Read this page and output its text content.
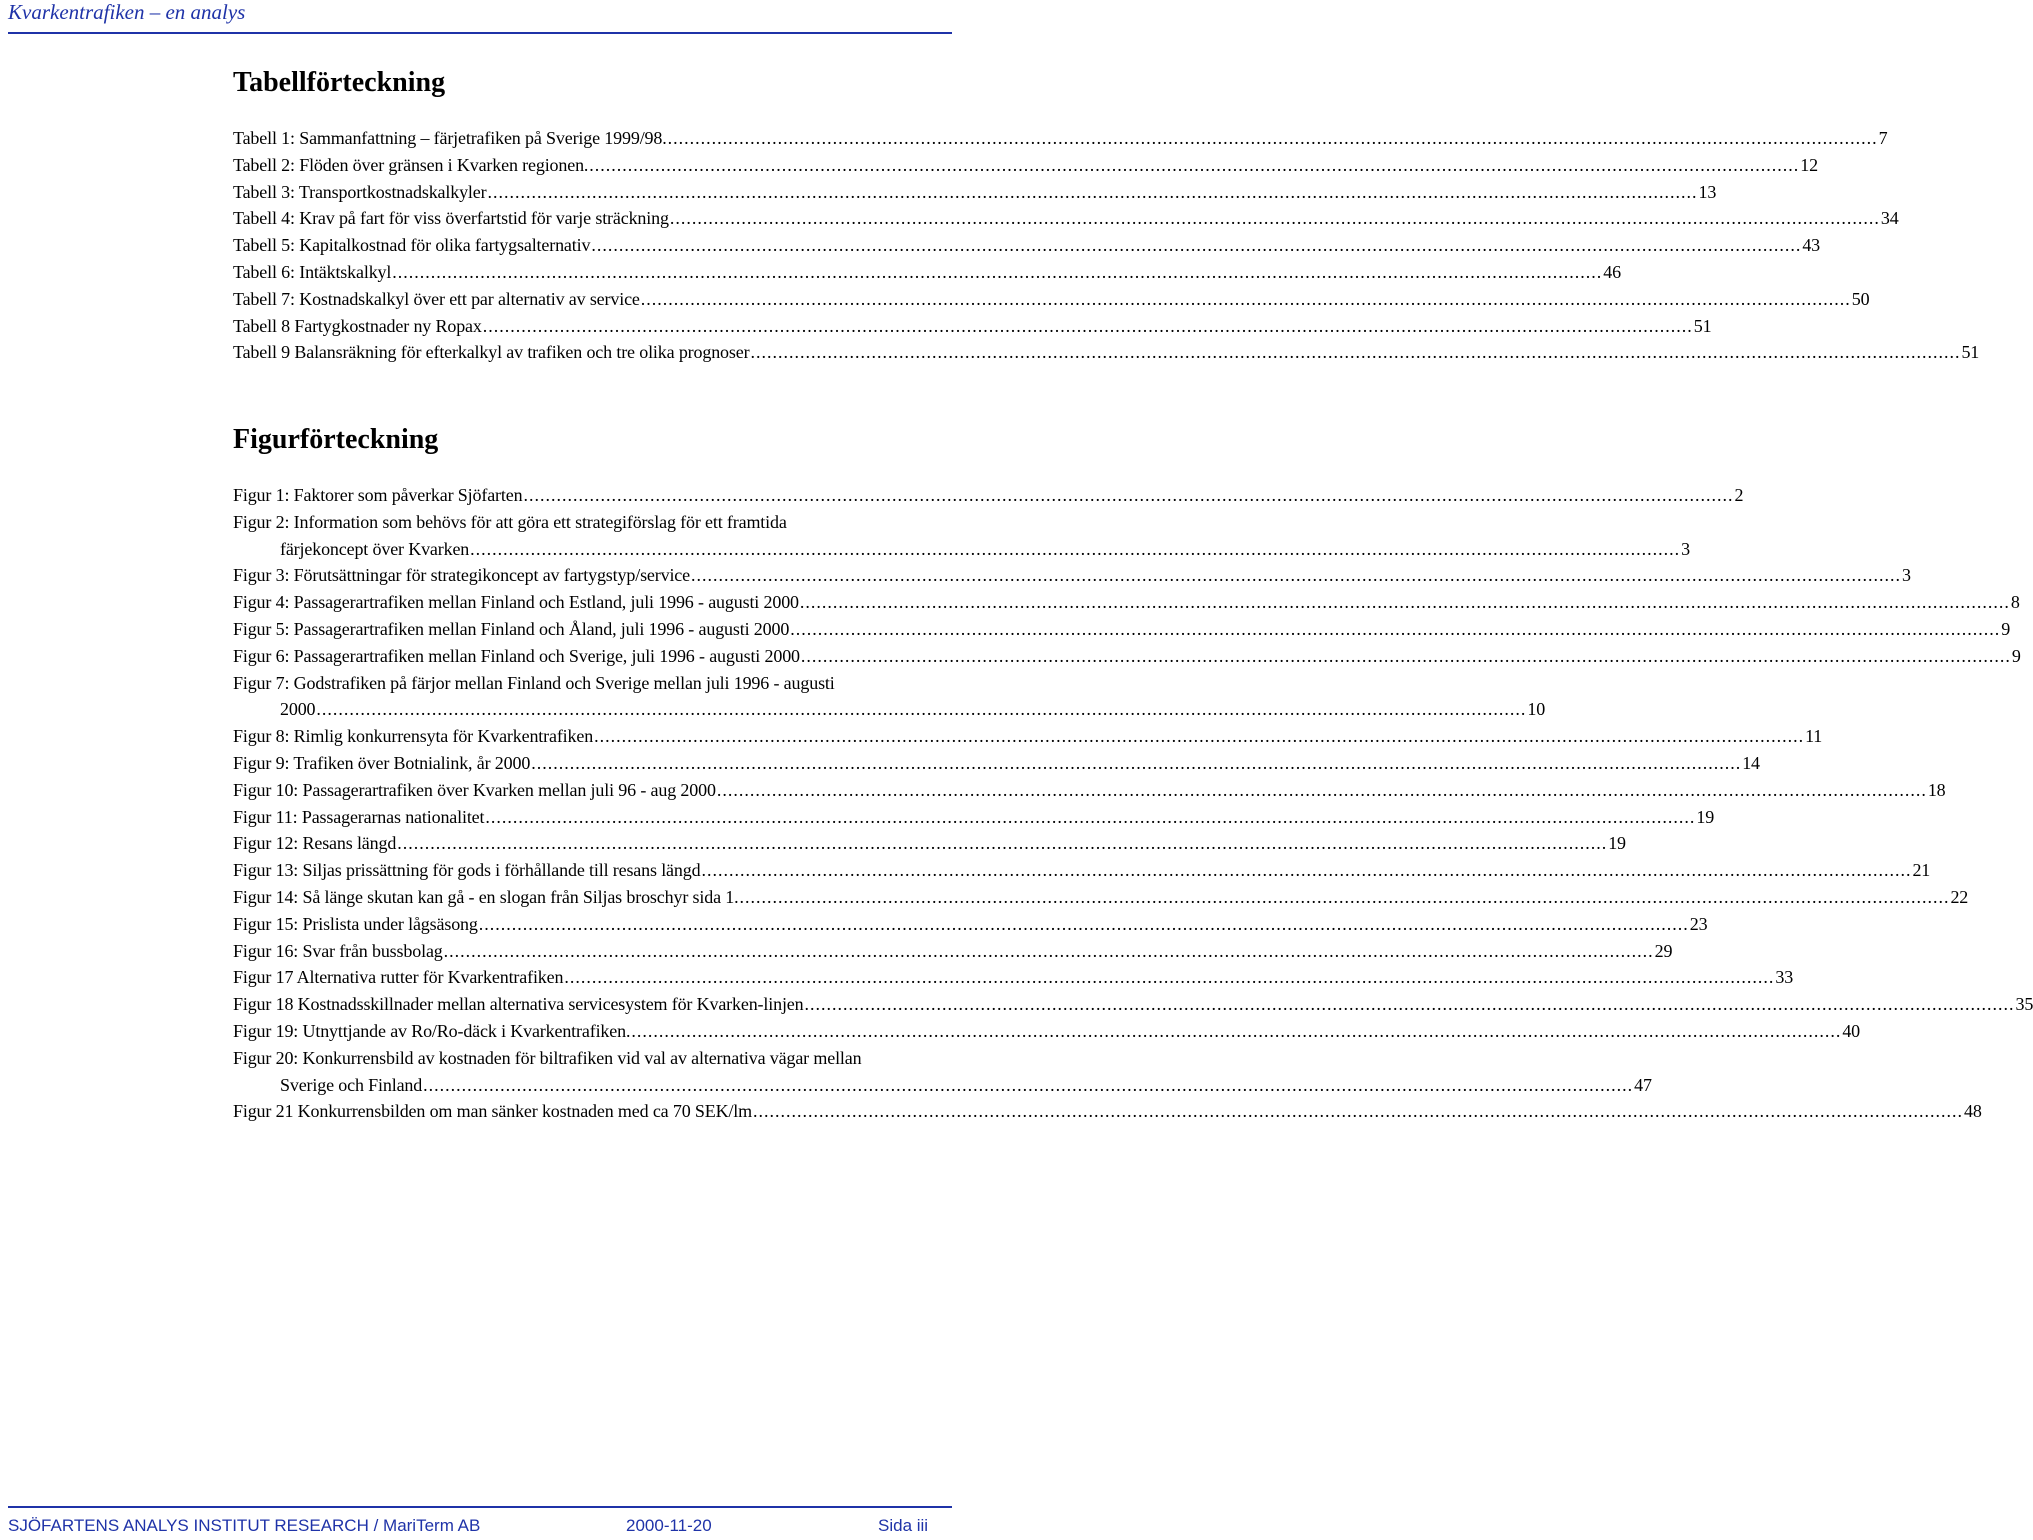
Kvarkentrafiken – en analys
Tabellförteckning
Tabell 1: Sammanfattning – färjetrafiken på Sverige 1999/98. ............................................................................................................................................................................................................................ 7
Tabell 2: Flöden över gränsen i Kvarken regionen. ............................................................................................................................................................................................................................ 12
Tabell 3: Transportkostnadskalkyler ............................................................................................................................................................................................................................ 13
Tabell 4: Krav på fart för viss överfartstid för varje sträckning ............................................................................................................................................................................................................................ 34
Tabell 5: Kapitalkostnad för olika fartygsalternativ ............................................................................................................................................................................................................................ 43
Tabell 6: Intäktskalkyl ............................................................................................................................................................................................................................ 46
Tabell 7: Kostnadskalkyl över ett par alternativ av service ............................................................................................................................................................................................................................ 50
Tabell 8 Fartygkostnader ny Ropax ............................................................................................................................................................................................................................ 51
Tabell 9 Balansräkning för efterkalkyl av trafiken och tre olika prognoser ............................................................................................................................................................................................................................ 51
Figurförteckning
Figur 1: Faktorer som påverkar Sjöfarten ............................................................................................................................................................................................................................ 2
Figur 2: Information som behövs för att göra ett strategiförslag för ett framtida
färjekoncept över Kvarken ............................................................................................................................................................................................................................ 3
Figur 3: Förutsättningar för strategikoncept av fartygstyp/service ............................................................................................................................................................................................................................ 3
Figur 4: Passagerartrafiken mellan Finland och Estland, juli 1996 - augusti 2000 ............................................................................................................................................................................................................................ 8
Figur 5: Passagerartrafiken mellan Finland och Åland, juli 1996 - augusti 2000 ............................................................................................................................................................................................................................ 9
Figur 6: Passagerartrafiken mellan Finland och Sverige, juli 1996 - augusti 2000 ............................................................................................................................................................................................................................ 9
Figur 7: Godstrafiken på färjor mellan Finland och Sverige mellan juli 1996 - augusti
2000 ............................................................................................................................................................................................................................ 10
Figur 8: Rimlig konkurrensyta för Kvarkentrafiken ............................................................................................................................................................................................................................ 11
Figur 9: Trafiken över Botnialink, år 2000 ............................................................................................................................................................................................................................ 14
Figur 10: Passagerartrafiken över Kvarken mellan juli 96 - aug 2000 ............................................................................................................................................................................................................................ 18
Figur 11: Passagerarnas nationalitet ............................................................................................................................................................................................................................ 19
Figur 12: Resans längd ............................................................................................................................................................................................................................ 19
Figur 13: Siljas prissättning för gods i förhållande till resans längd ............................................................................................................................................................................................................................ 21
Figur 14: Så länge skutan kan gå - en slogan från Siljas broschyr sida 1. ............................................................................................................................................................................................................................ 22
Figur 15: Prislista under lågsäsong ............................................................................................................................................................................................................................ 23
Figur 16: Svar från bussbolag ............................................................................................................................................................................................................................ 29
Figur 17 Alternativa rutter för Kvarkentrafiken ............................................................................................................................................................................................................................ 33
Figur 18 Kostnadsskillnader mellan alternativa servicesystem för Kvarken-linjen ............................................................................................................................................................................................................................ 35
Figur 19: Utnyttjande av Ro/Ro-däck i Kvarkentrafiken. ............................................................................................................................................................................................................................ 40
Figur 20: Konkurrensbild av kostnaden för biltrafiken vid val av alternativa vägar mellan
Sverige och Finland ............................................................................................................................................................................................................................ 47
Figur 21 Konkurrensbilden om man sänker kostnaden med ca 70 SEK/lm ............................................................................................................................................................................................................................ 48
SJÖFARTENS ANALYS INSTITUT RESEARCH / MariTerm AB	2000-11-20	Sida iii
